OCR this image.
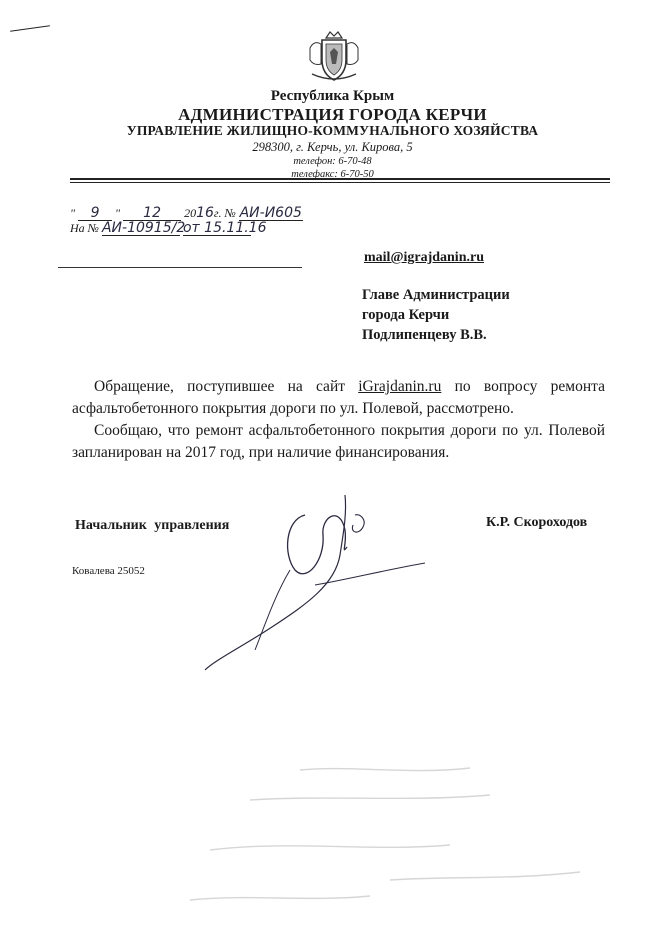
Республика Крым
АДМИНИСТРАЦИЯ ГОРОДА КЕРЧИ
УПРАВЛЕНИЕ ЖИЛИЩНО-КОММУНАЛЬНОГО ХОЗЯЙСТВА
298300, г. Керчь, ул. Кирова, 5
телефон: 6-70-48
телефакс: 6-70-50
" 9 " 12 2016г. № АИ-И605
На № АИ-10915/2 от 15.11.16
mail@igrajdanin.ru
Главе Администрации
города Керчи
Подлипенцеву В.В.
Обращение, поступившее на сайт iGrajdanin.ru по вопросу ремонта асфальтобетонного покрытия дороги по ул. Полевой, рассмотрено.
Сообщаю, что ремонт асфальтобетонного покрытия дороги по ул. Полевой запланирован на 2017 год, при наличие финансирования.
Начальник управления	К.Р. Скороходов
Ковалева 25052
